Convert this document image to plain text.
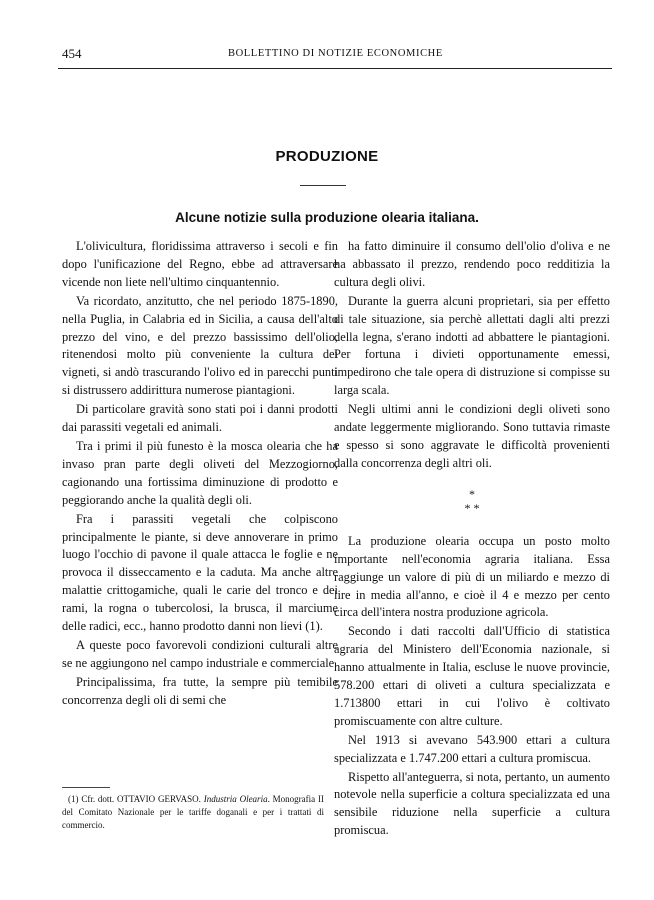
454	BOLLETTINO DI NOTIZIE ECONOMICHE
PRODUZIONE
Alcune notizie sulla produzione olearia italiana.

L'olivicultura, floridissima attraverso i secoli e fin dopo l'unificazione del Regno, ebbe ad attraversare vicende non liete nell'ultimo cinquantennio.

Va ricordato, anzitutto, che nel periodo 1875-1890, nella Puglia, in Calabria ed in Sicilia, a causa dell'alto prezzo del vino, e del prezzo bassissimo dell'olio, ritenendosi molto più conveniente la cultura dei vigneti, si andò trascurando l'olivo ed in parecchi punti si distrussero addirittura numerose piantagioni.

Di particolare gravità sono stati poi i danni prodotti dai parassiti vegetali ed animali.

Tra i primi il più funesto è la mosca olearia che ha invaso pran parte degli oliveti del Mezzogiorno, cagionando una fortissima diminuzione di prodotto e peggiorando anche la qualità degli oli.

Fra i parassiti vegetali che colpiscono principalmente le piante, si deve annoverare in primo luogo l'occhio di pavone il quale attacca le foglie e ne provoca il disseccamento e la caduta. Ma anche altre malattie crittogamiche, quali le carie del tronco e dei rami, la rogna o tubercolosi, la brusca, il marciume delle radici, ecc., hanno prodotto danni non lievi (1).

A queste poco favorevoli condizioni culturali altre se ne aggiungono nel campo industriale e commerciale.

Principalissima, fra tutte, la sempre più temibile concorrenza degli oli di semi che

ha fatto diminuire il consumo dell'olio d'oliva e ne ha abbassato il prezzo, rendendo poco redditizia la cultura degli olivi.

Durante la guerra alcuni proprietari, sia per effetto di tale situazione, sia perchè allettati dagli alti prezzi della legna, s'erano indotti ad abbattere le piantagioni. Per fortuna i divieti opportunamente emessi, impedirono che tale opera di distruzione si compisse su larga scala.

Negli ultimi anni le condizioni degli oliveti sono andate leggermente migliorando. Sono tuttavia rimaste e spesso si sono aggravate le difficoltà provenienti dalla concorrenza degli altri oli.

*
* *

La produzione olearia occupa un posto molto importante nell'economia agraria italiana. Essa raggiunge un valore di più di un miliardo e mezzo di lire in media all'anno, e cioè il 4 e mezzo per cento circa dell'intera nostra produzione agricola.

Secondo i dati raccolti dall'Ufficio di statistica agraria del Ministero dell'Economia nazionale, si hanno attualmente in Italia, escluse le nuove provincie, 578.200 ettari di oliveti a cultura specializzata e 1.713800 ettari in cui l'olivo è coltivato promiscuamente con altre culture.

Nel 1913 si avevano 543.900 ettari a cultura specializzata e 1.747.200 ettari a cultura promiscua.

Rispetto all'anteguerra, si nota, pertanto, un aumento notevole nella superficie a coltura specializzata ed una sensibile riduzione nella superficie a cultura promiscua.

(1) Cfr. dott. OTTAVIO GERVASO. Industria Olearia. Monografia II del Comitato Nazionale per le tariffe doganali e per i trattati di commercio.
